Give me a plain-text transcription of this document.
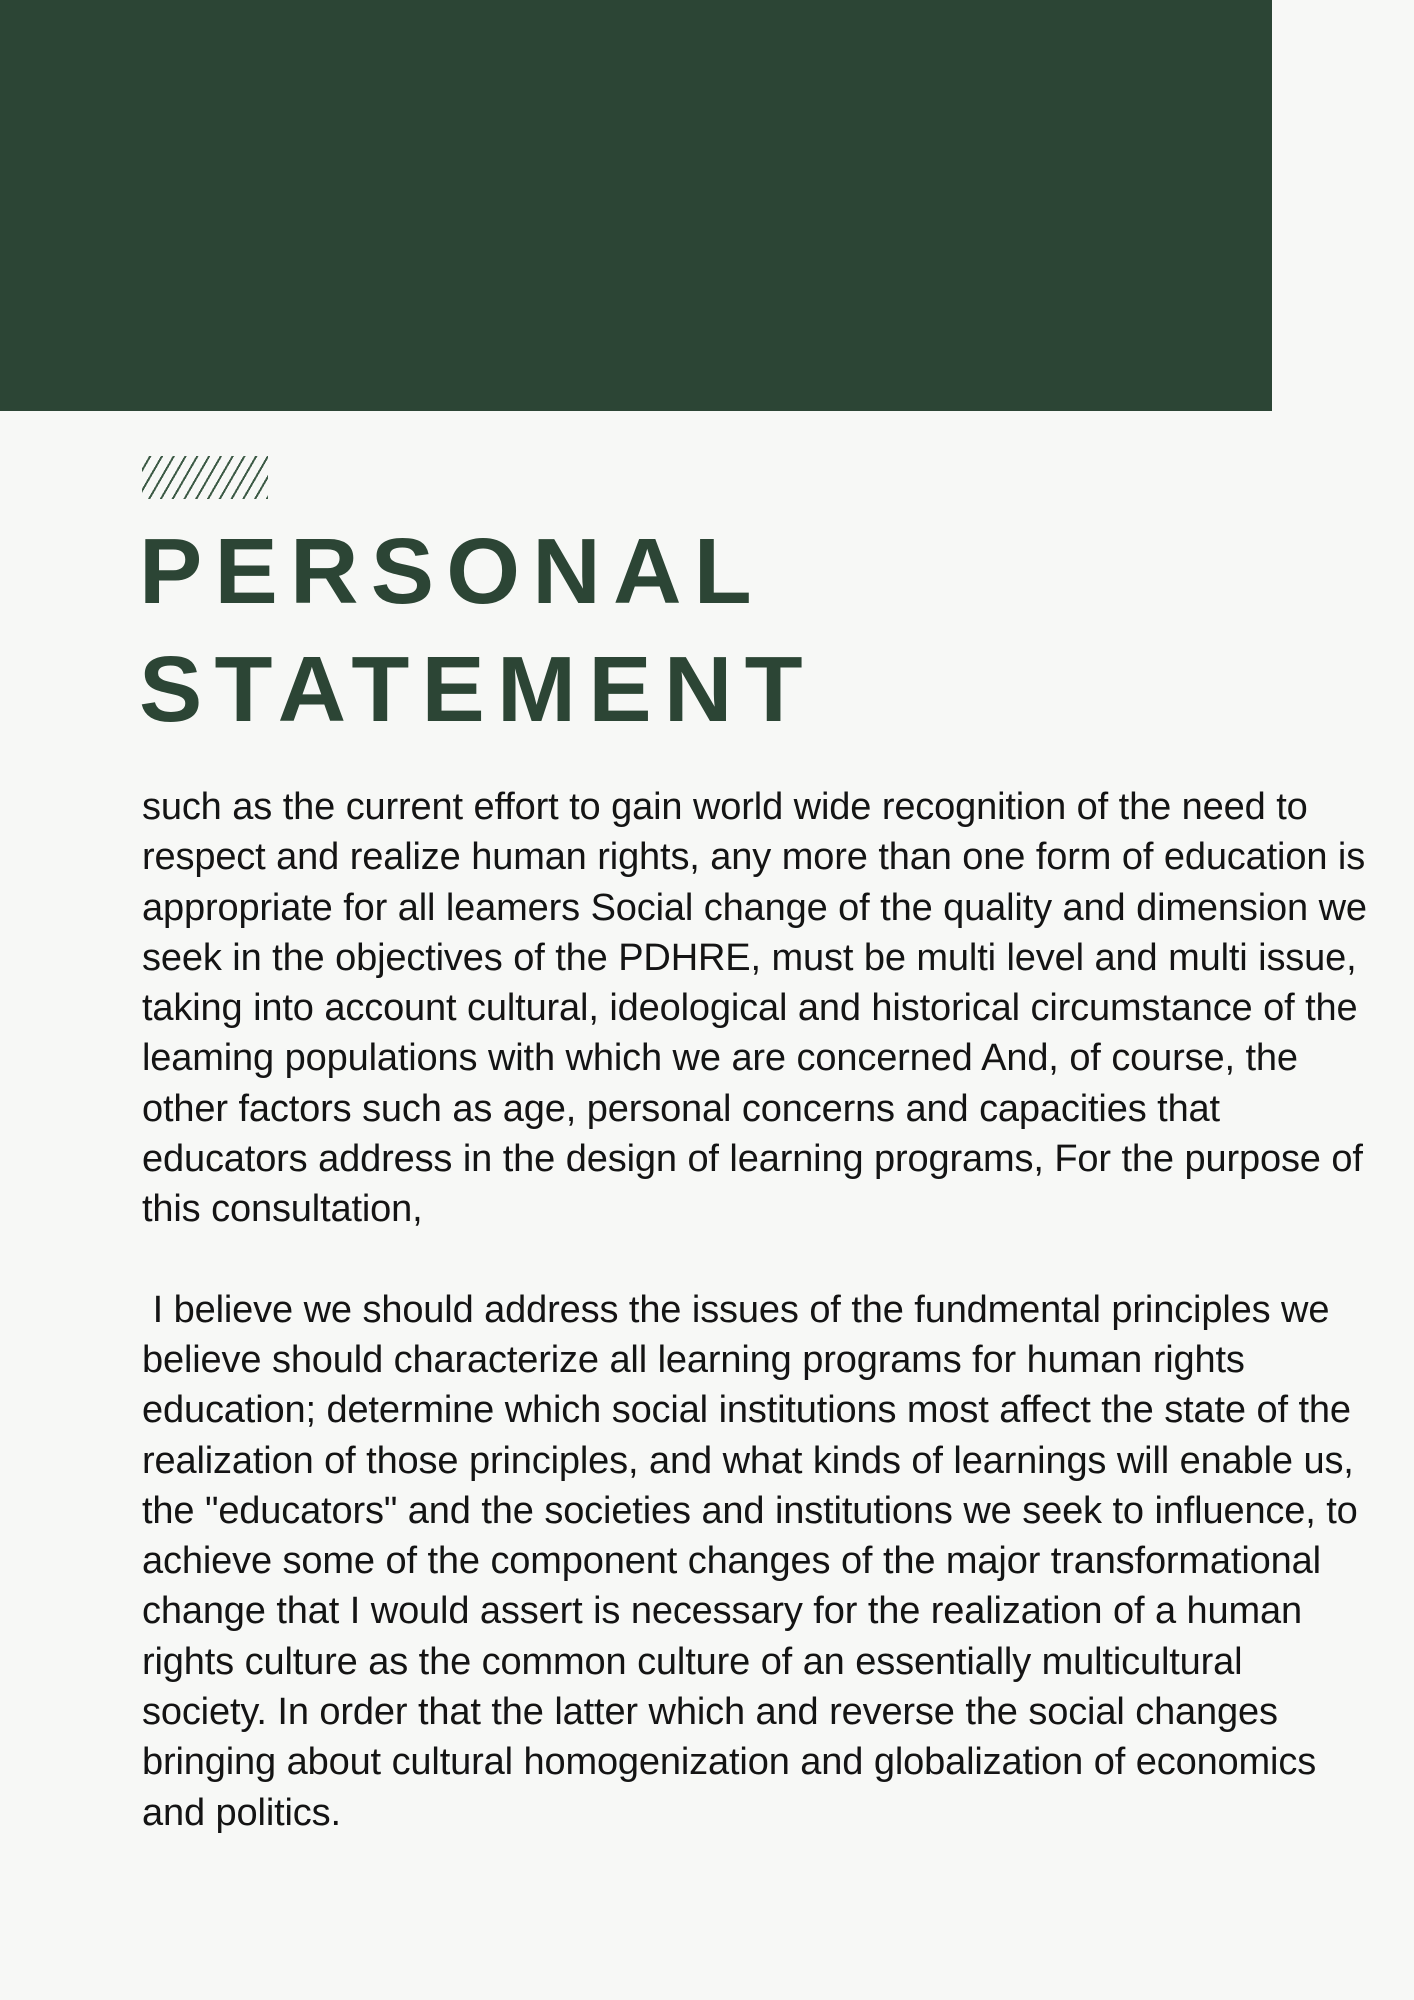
PERSONAL
STATEMENT

such as the current effort to gain world wide recognition of the need to respect and realize human rights, any more than one form of education is appropriate for all leamers Social change of the quality and dimension we seek in the objectives of the PDHRE, must be multi level and multi issue, taking into account cultural, ideological and historical circumstance of the leaming populations with which we are concerned And, of course, the other factors such as age, personal concerns and capacities that educators address in the design of learning programs, For the purpose of this consultation,

I believe we should address the issues of the fundmental principles we believe should characterize all learning programs for human rights education; determine which social institutions most affect the state of the realization of those principles, and what kinds of learnings will enable us, the "educators" and the societies and institutions we seek to influence, to achieve some of the component changes of the major transformational change that I would assert is necessary for the realization of a human rights culture as the common culture of an essentially multicultural society. In order that the latter which and reverse the social changes bringing about cultural homogenization and globalization of economics and politics.
